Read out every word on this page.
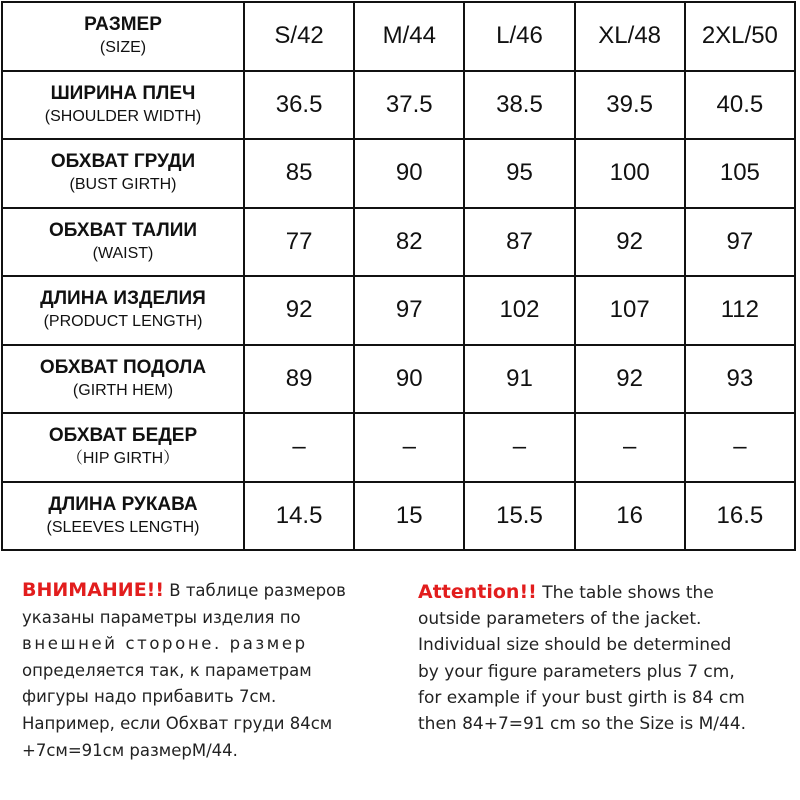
РАЗМЕР
(SIZE)	S/42	M/44	L/46	XL/48	2XL/50

ШИРИНА ПЛЕЧ
(SHOULDER WIDTH)	36.5	37.5	38.5	39.5	40.5

ОБХВАТ ГРУДИ
(BUST GIRTH)	85	90	95	100	105

ОБХВАТ ТАЛИИ
(WAIST)	77	82	87	92	97

ДЛИНА ИЗДЕЛИЯ
(PRODUCT LENGTH)	92	97	102	107	112

ОБХВАТ ПОДОЛА
(GIRTH HEM)	89	90	91	92	93

ОБХВАТ БЕДЕР
（HIP GIRTH）	–	–	–	–	–

ДЛИНА РУКАВА
(SLEEVES LENGTH)	14.5	15	15.5	16	16.5
ВНИМАНИЕ!! В таблице размеров
указаны параметры изделия по
внешней стороне. размер
определяется так, к параметрам
фигуры надо прибавить 7см.
Например, если Обхват груди 84см
+7см=91см размерM/44.
Attention!! The table shows the
outside parameters of the jacket.
Individual size should be determined
by your figure parameters plus 7 cm,
for example if your bust girth is 84 cm
then 84+7=91 cm so the Size is M/44.
